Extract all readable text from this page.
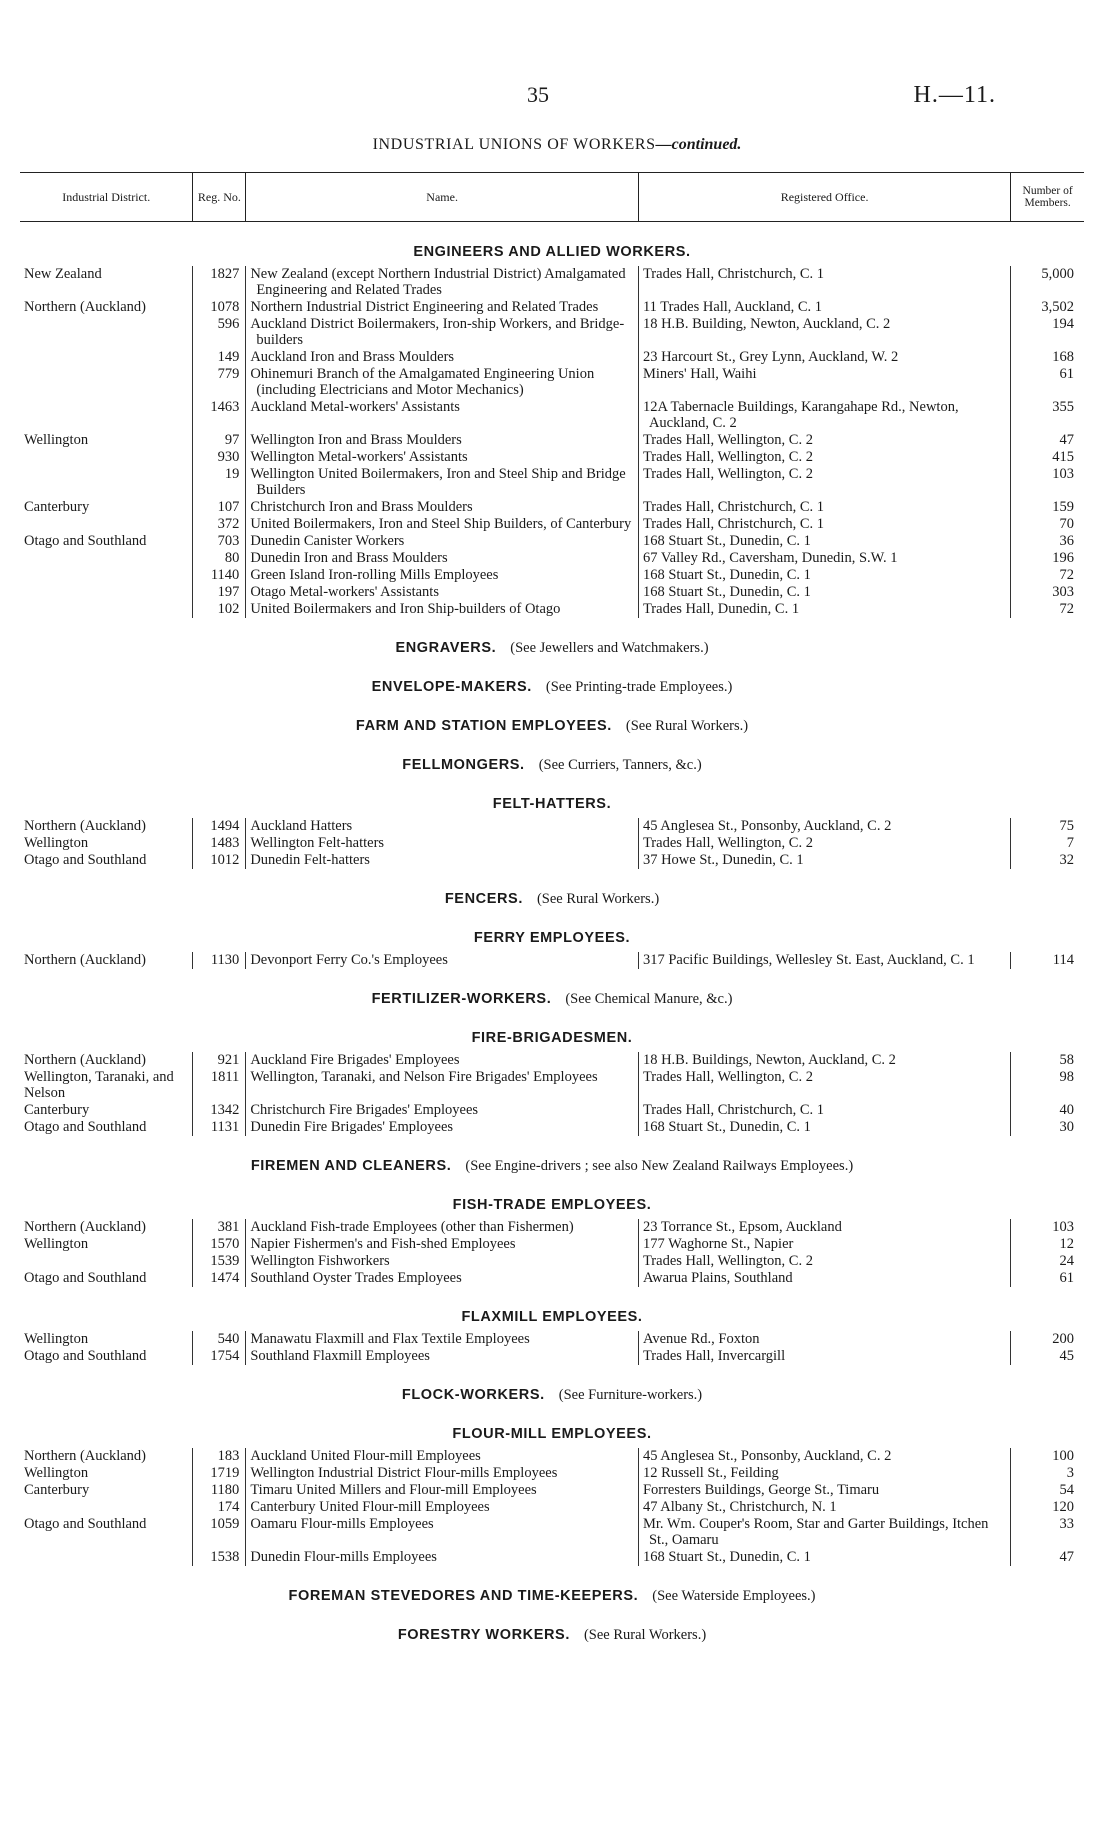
35	H.—11.
INDUSTRIAL UNIONS OF WORKERS—continued.
Industrial District.	Reg. No.	Name.	Registered Office.	Number of Members.
ENGINEERS AND ALLIED WORKERS.
New Zealand	1827	New Zealand (except Northern Industrial District) Amalgamated Engineering and Related Trades	Trades Hall, Christchurch, C. 1	5,000
Northern (Auckland)	1078	Northern Industrial District Engineering and Related Trades	11 Trades Hall, Auckland, C. 1	3,502
	596	Auckland District Boilermakers, Iron-ship Workers, and Bridge-builders	18 H.B. Building, Newton, Auckland, C. 2	194
	149	Auckland Iron and Brass Moulders	23 Harcourt St., Grey Lynn, Auckland, W. 2	168
	779	Ohinemuri Branch of the Amalgamated Engineering Union (including Electricians and Motor Mechanics)	Miners' Hall, Waihi	61
	1463	Auckland Metal-workers' Assistants	12A Tabernacle Buildings, Karangahape Rd., Newton, Auckland, C. 2	355
Wellington	97	Wellington Iron and Brass Moulders	Trades Hall, Wellington, C. 2	47
	930	Wellington Metal-workers' Assistants	Trades Hall, Wellington, C. 2	415
	19	Wellington United Boilermakers, Iron and Steel Ship and Bridge Builders	Trades Hall, Wellington, C. 2	103
Canterbury	107	Christchurch Iron and Brass Moulders	Trades Hall, Christchurch, C. 1	159
	372	United Boilermakers, Iron and Steel Ship Builders, of Canterbury	Trades Hall, Christchurch, C. 1	70
Otago and Southland	703	Dunedin Canister Workers	168 Stuart St., Dunedin, C. 1	36
	80	Dunedin Iron and Brass Moulders	67 Valley Rd., Caversham, Dunedin, S.W. 1	196
	1140	Green Island Iron-rolling Mills Employees	168 Stuart St., Dunedin, C. 1	72
	197	Otago Metal-workers' Assistants	168 Stuart St., Dunedin, C. 1	303
	102	United Boilermakers and Iron Ship-builders of Otago	Trades Hall, Dunedin, C. 1	72
ENGRAVERS. (See Jewellers and Watchmakers.)
ENVELOPE-MAKERS. (See Printing-trade Employees.)
FARM AND STATION EMPLOYEES. (See Rural Workers.)
FELLMONGERS. (See Curriers, Tanners, &c.)
FELT-HATTERS.
Northern (Auckland)	1494	Auckland Hatters	45 Anglesea St., Ponsonby, Auckland, C. 2	75
Wellington	1483	Wellington Felt-hatters	Trades Hall, Wellington, C. 2	7
Otago and Southland	1012	Dunedin Felt-hatters	37 Howe St., Dunedin, C. 1	32
FENCERS. (See Rural Workers.)
FERRY EMPLOYEES.
Northern (Auckland)	1130	Devonport Ferry Co.'s Employees	317 Pacific Buildings, Wellesley St. East, Auckland, C. 1	114
FERTILIZER-WORKERS. (See Chemical Manure, &c.)
FIRE-BRIGADESMEN.
Northern (Auckland)	921	Auckland Fire Brigades' Employees	18 H.B. Buildings, Newton, Auckland, C. 2	58
Wellington, Taranaki, and Nelson	1811	Wellington, Taranaki, and Nelson Fire Brigades' Employees	Trades Hall, Wellington, C. 2	98
Canterbury	1342	Christchurch Fire Brigades' Employees	Trades Hall, Christchurch, C. 1	40
Otago and Southland	1131	Dunedin Fire Brigades' Employees	168 Stuart St., Dunedin, C. 1	30
FIREMEN AND CLEANERS. (See Engine-drivers ; see also New Zealand Railways Employees.)
FISH-TRADE EMPLOYEES.
Northern (Auckland)	381	Auckland Fish-trade Employees (other than Fishermen)	23 Torrance St., Epsom, Auckland	103
Wellington	1570	Napier Fishermen's and Fish-shed Employees	177 Waghorne St., Napier	12
	1539	Wellington Fishworkers	Trades Hall, Wellington, C. 2	24
Otago and Southland	1474	Southland Oyster Trades Employees	Awarua Plains, Southland	61
FLAXMILL EMPLOYEES.
Wellington	540	Manawatu Flaxmill and Flax Textile Employees	Avenue Rd., Foxton	200
Otago and Southland	1754	Southland Flaxmill Employees	Trades Hall, Invercargill	45
FLOCK-WORKERS. (See Furniture-workers.)
FLOUR-MILL EMPLOYEES.
Northern (Auckland)	183	Auckland United Flour-mill Employees	45 Anglesea St., Ponsonby, Auckland, C. 2	100
Wellington	1719	Wellington Industrial District Flour-mills Employees	12 Russell St., Feilding	3
Canterbury	1180	Timaru United Millers and Flour-mill Employees	Forresters Buildings, George St., Timaru	54
	174	Canterbury United Flour-mill Employees	47 Albany St., Christchurch, N. 1	120
Otago and Southland	1059	Oamaru Flour-mills Employees	Mr. Wm. Couper's Room, Star and Garter Buildings, Itchen St., Oamaru	33
	1538	Dunedin Flour-mills Employees	168 Stuart St., Dunedin, C. 1	47
FOREMAN STEVEDORES AND TIME-KEEPERS. (See Waterside Employees.)
FORESTRY WORKERS. (See Rural Workers.)
